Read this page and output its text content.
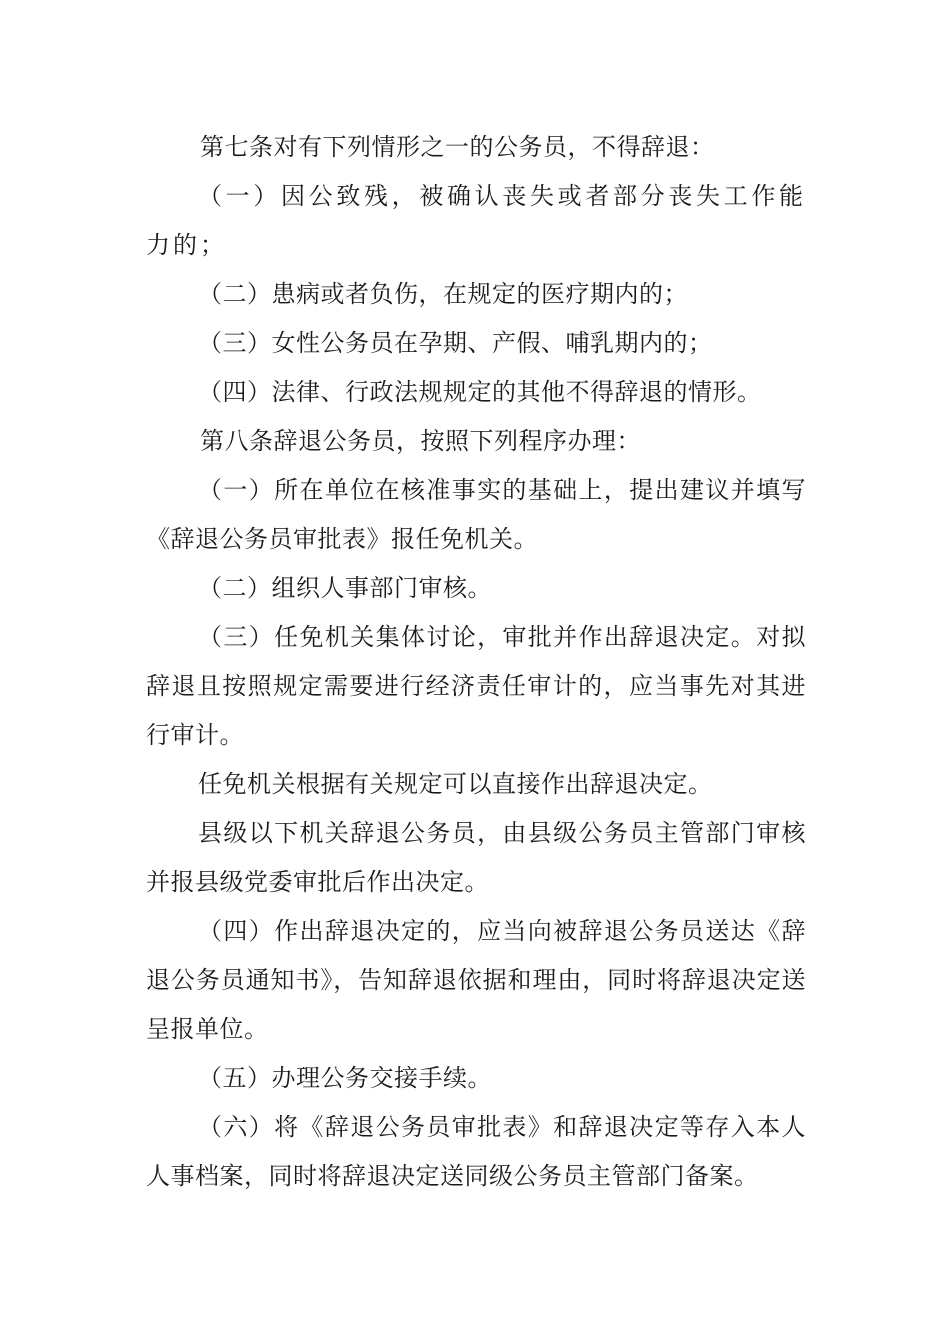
第七条对有下列情形之一的公务员，不得辞退：

（一）因公致残，被确认丧失或者部分丧失工作能力的；

（二）患病或者负伤，在规定的医疗期内的；

（三）女性公务员在孕期、产假、哺乳期内的；

（四）法律、行政法规规定的其他不得辞退的情形。

第八条辞退公务员，按照下列程序办理：

（一）所在单位在核准事实的基础上，提出建议并填写《辞退公务员审批表》报任免机关。

（二）组织人事部门审核。

（三）任免机关集体讨论，审批并作出辞退决定。对拟辞退且按照规定需要进行经济责任审计的，应当事先对其进行审计。

任免机关根据有关规定可以直接作出辞退决定。

县级以下机关辞退公务员，由县级公务员主管部门审核并报县级党委审批后作出决定。

（四）作出辞退决定的，应当向被辞退公务员送达《辞退公务员通知书》，告知辞退依据和理由，同时将辞退决定送呈报单位。

（五）办理公务交接手续。

（六）将《辞退公务员审批表》和辞退决定等存入本人人事档案，同时将辞退决定送同级公务员主管部门备案。
